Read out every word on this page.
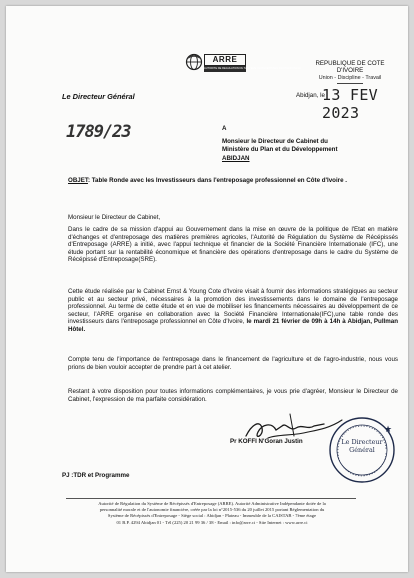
ARRE
AUTORITE DE REGULATION DU SYSTEME DE RECEPISSES D'ENTREPOSAGE
REPUBLIQUE DE COTE D'IVOIRE
Union - Discipline - Travail
Le Directeur Général	Abidjan, le
13 FEV 2023
1789/23	A
Monsieur le Directeur de Cabinet du
Ministère du Plan et du Développement
ABIDJAN
OBJET: Table Ronde avec les Investisseurs dans l'entreposage professionnel en Côte d'Ivoire .
Monsieur le Directeur de Cabinet,
Dans le cadre de sa mission d'appui au Gouvernement dans la mise en œuvre de la politique de l'Etat en matière d'échanges et d'entreposage des matières premières agricoles, l'Autorité de Régulation du Système de Récépissés d'Entreposage (ARRE) a initié, avec l'appui technique et financier de la Société Financière Internationale (IFC), une étude portant sur la rentabilité économique et financière des opérations d'entreposage dans le cadre du Système de Récépissé d'Entreposage(SRE).
Cette étude réalisée par le Cabinet Ernst & Young Cote d'Ivoire visait à fournir des informations stratégiques au secteur public et au secteur privé, nécessaires à la promotion des investissements dans le domaine de l'entreposage professionnel. Au terme de cette étude et en vue de mobiliser les financements nécessaires au développement de ce secteur, l'ARRE organise en collaboration avec la Société Financière Internationale(IFC),une table ronde des investisseurs dans l'entreposage professionnel en Côte d'Ivoire, le mardi 21 février de 09h à 14h à Abidjan, Pullman Hôtel.
Compte tenu de l'importance de l'entreposage dans le financement de l'agriculture et de l'agro-industrie, nous vous prions de bien vouloir accepter de prendre part à cet atelier.
Restant à votre disposition pour toutes informations complémentaires, je vous prie d'agréer, Monsieur le Directeur de Cabinet, l'expression de ma parfaite considération.
Pr KOFFI N'Goran Justin
★
Le Directeur
Général
PJ :TDR et Programme
Autorité de Régulation du Système de Récépissés d'Entreposage (ARRE). Autorité Administrative Indépendante dotée de la
personnalité morale et de l'autonomie financière, créée par la loi n°2015-536 du 20 juillet 2015 portant Réglementation du
Système de Récépissés d'Entreposage - Siège social : Abidjan - Plateau - Immeuble de la CAISTAB - 7ème étage
01 B.P. 4294 Abidjan 01 - Tél (225) 20 21 99 36 / 38 - Email : info@arre.ci - Site Internet : www.arre.ci
